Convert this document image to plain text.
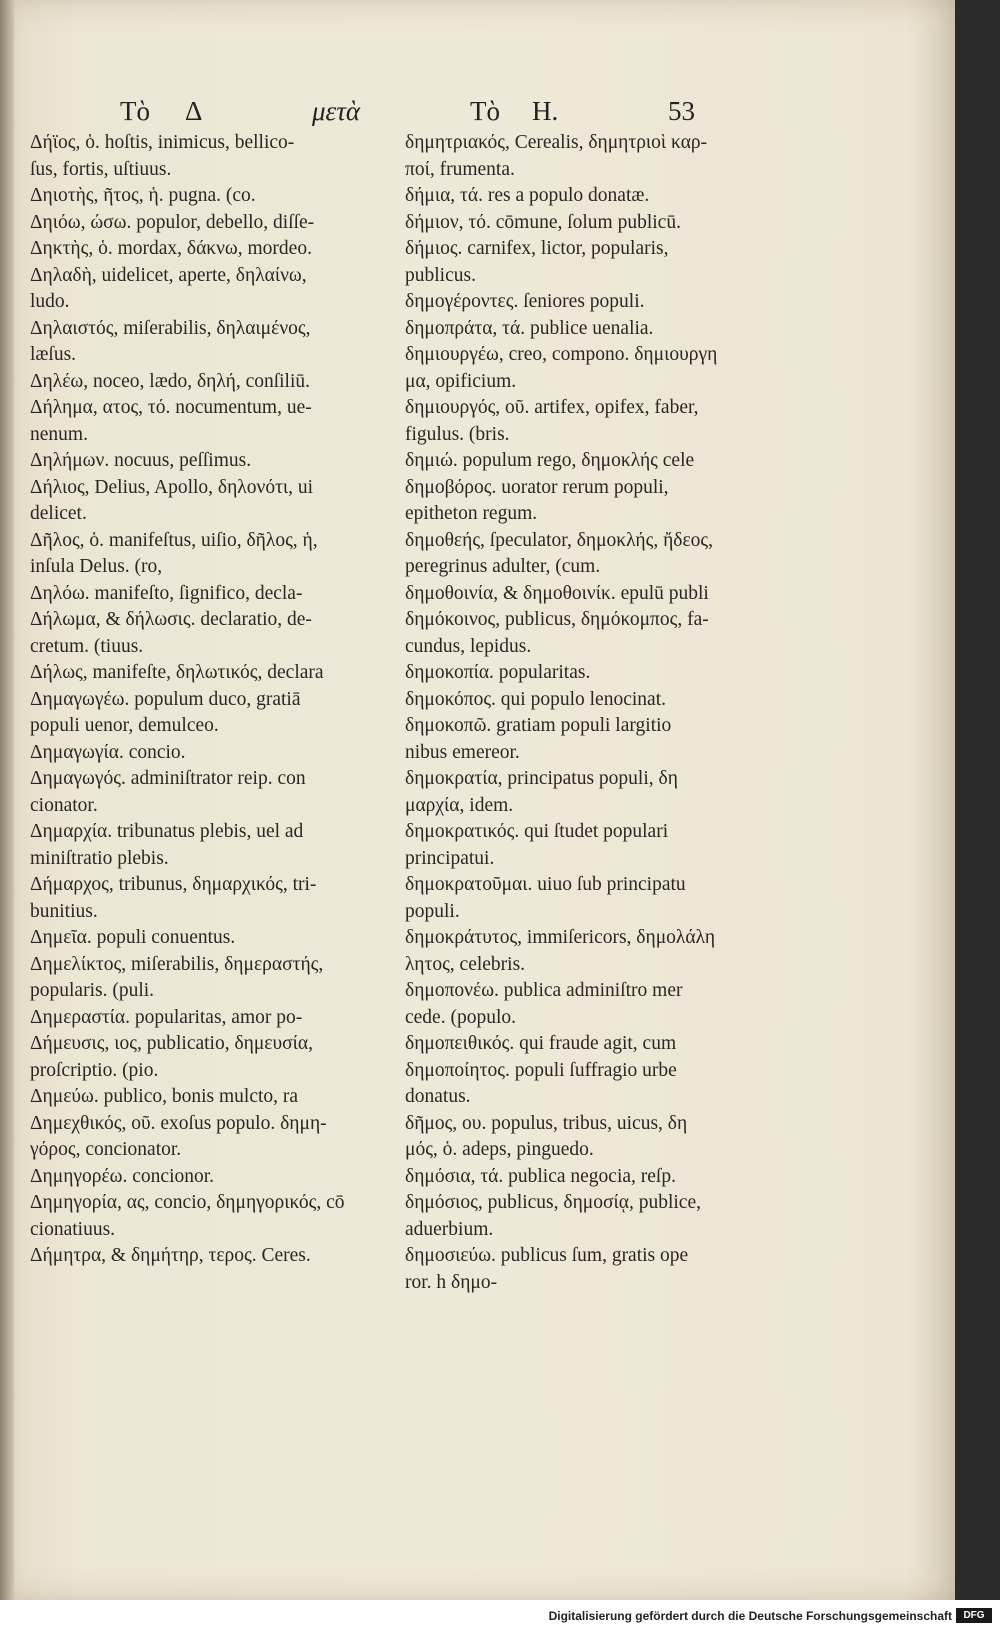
Τὸ Δ	μετὰ	Τὸ Η.	53
Δήϊος, ὁ. hoſtis, inimicus, bellico-
ſus, fortis, uſtiuus.
Δηιοτὴς, ῆτος, ἡ. pugna. (co.
Δηιόω, ώσω. populor, debello, diſſe-
Δηκτὴς, ὁ. mordax, δάκνω, mordeo.
Δηλαδὴ, uidelicet, aperte, δηλαίνω,
ludo.
Δηλαιστός, miſerabilis, δηλαιμένος,
læſus.
Δηλέω, noceo, lædo, δηλή, conſiliū.
Δήλημα, ατος, τό. nocumentum, ue-
nenum.
Δηλήμων. nocuus, peſſimus.
Δήλιος, Delius, Apollo, δηλονότι, ui
delicet.
Δῆλος, ὁ. manifeſtus, uiſio, δῆλος, ἡ,
inſula Delus. (ro,
Δηλόω. manifeſto, ſignifico, decla-
Δήλωμα, & δήλωσις. declaratio, de-
cretum. (tiuus.
Δήλως, manifeſte, δηλωτικός, declara
Δημαγωγέω. populum duco, gratiā
populi uenor, demulceo.
Δημαγωγία. concio.
Δημαγωγός. adminiſtrator reip. con
cionator.
Δημαρχία. tribunatus plebis, uel ad
miniſtratio plebis.
Δήμαρχος, tribunus, δημαρχικός, tri-
bunitius.
Δημεῖα. populi conuentus.
Δημελίκτος, miſerabilis, δημεραστής,
popularis. (puli.
Δημεραστία. popularitas, amor po-
Δήμευσις, ιος, publicatio, δημευσία,
proſcriptio. (pio.
Δημεύω. publico, bonis mulcto, ra
Δημεχθικός, οῦ. exoſus populo. δημη-
γόρος, concionator.
Δημηγορέω. concionor.
Δημηγορία, ας, concio, δημηγορικός, cō
cionatiuus.
Δήμητρα, & δημήτηρ, τερος. Ceres.
δημητριακός, Cerealis, δημητριοὶ καρ-
ποί, frumenta.
δήμια, τά. res a populo donatæ.
δήμιον, τό. cōmune, ſolum publicū.
δήμιος. carnifex, lictor, popularis,
publicus.
δημογέροντες. ſeniores populi.
δημοπράτα, τά. publice uenalia.
δημιουργέω, creo, compono. δημιουργη
μα, opificium.
δημιουργός, οῦ. artifex, opifex, faber,
figulus. (bris.
δημιώ. populum rego, δημοκλής cele
δημοβόρος. uorator rerum populi,
epitheton regum.
δημοθεής, ſpeculator, δημοκλής, ἤδεος,
peregrinus adulter, (cum.
δημοθοινία, & δημοθοινίκ. epulū publi
δημόκοινος, publicus, δημόκομπος, fa-
cundus, lepidus.
δημοκοπία. popularitas.
δημοκόπος. qui populo lenocinat.
δημοκοπῶ. gratiam populi largitio
nibus emereor.
δημοκρατία, principatus populi, δη
μαρχία, idem.
δημοκρατικός. qui ſtudet populari
principatui.
δημοκρατοῦμαι. uiuo ſub principatu
populi.
δημοκράτυτος, immiſericors, δημολάλη
λητος, celebris.
δημοπονέω. publica adminiſtro mer
cede. (populo.
δημοπειθικός. qui fraude agit, cum
δημοποίητος. populi ſuffragio urbe
donatus.
δῆμος, ου. populus, tribus, uicus, δη
μός, ὁ. adeps, pinguedo.
δημόσια, τά. publica negocia, reſp.
δημόσιος, publicus, δημοσίᾳ, publice,
aduerbium.
δημοσιεύω. publicus ſum, gratis ope
ror. h δημο-
Digitalisierung gefördert durch die Deutsche Forschungsgemeinschaft	DFG
